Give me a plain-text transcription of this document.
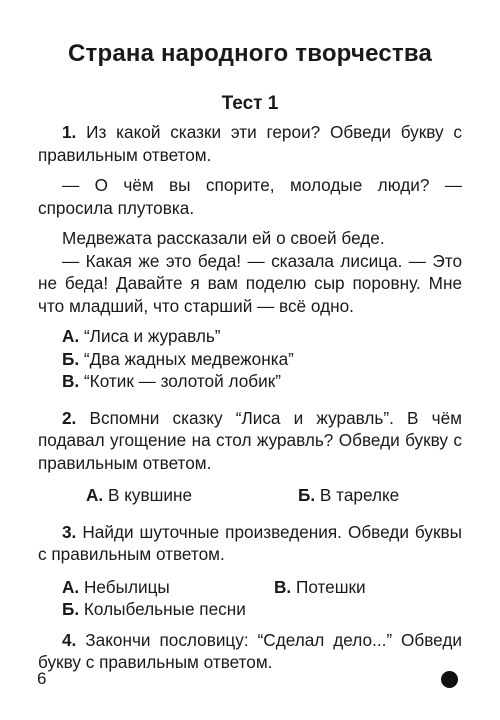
Страна народного творчества
Тест 1

1. Из какой сказки эти герои? Обведи букву с правильным ответом.

— О чём вы спорите, молодые люди? — спросила плутовка.

Медвежата рассказали ей о своей беде.

— Какая же это беда! — сказала лисица. — Это не беда! Давайте я вам поделю сыр поровну. Мне что младший, что старший — всё одно.

А. “Лиса и журавль”

Б. “Два жадных медвежонка”

В. “Котик — золотой лобик”

2. Вспомни сказку “Лиса и журавль”. В чём подавал угощение на стол журавль? Обведи букву с правильным ответом.

А. В кувшине	Б. В тарелке

3. Найди шуточные произведения. Обведи буквы с правильным ответом.

А. Небылицы	В. Потешки
Б. Колыбельные песни

4. Закончи пословицу: “Сделал дело...” Обведи букву с правильным ответом.

6
